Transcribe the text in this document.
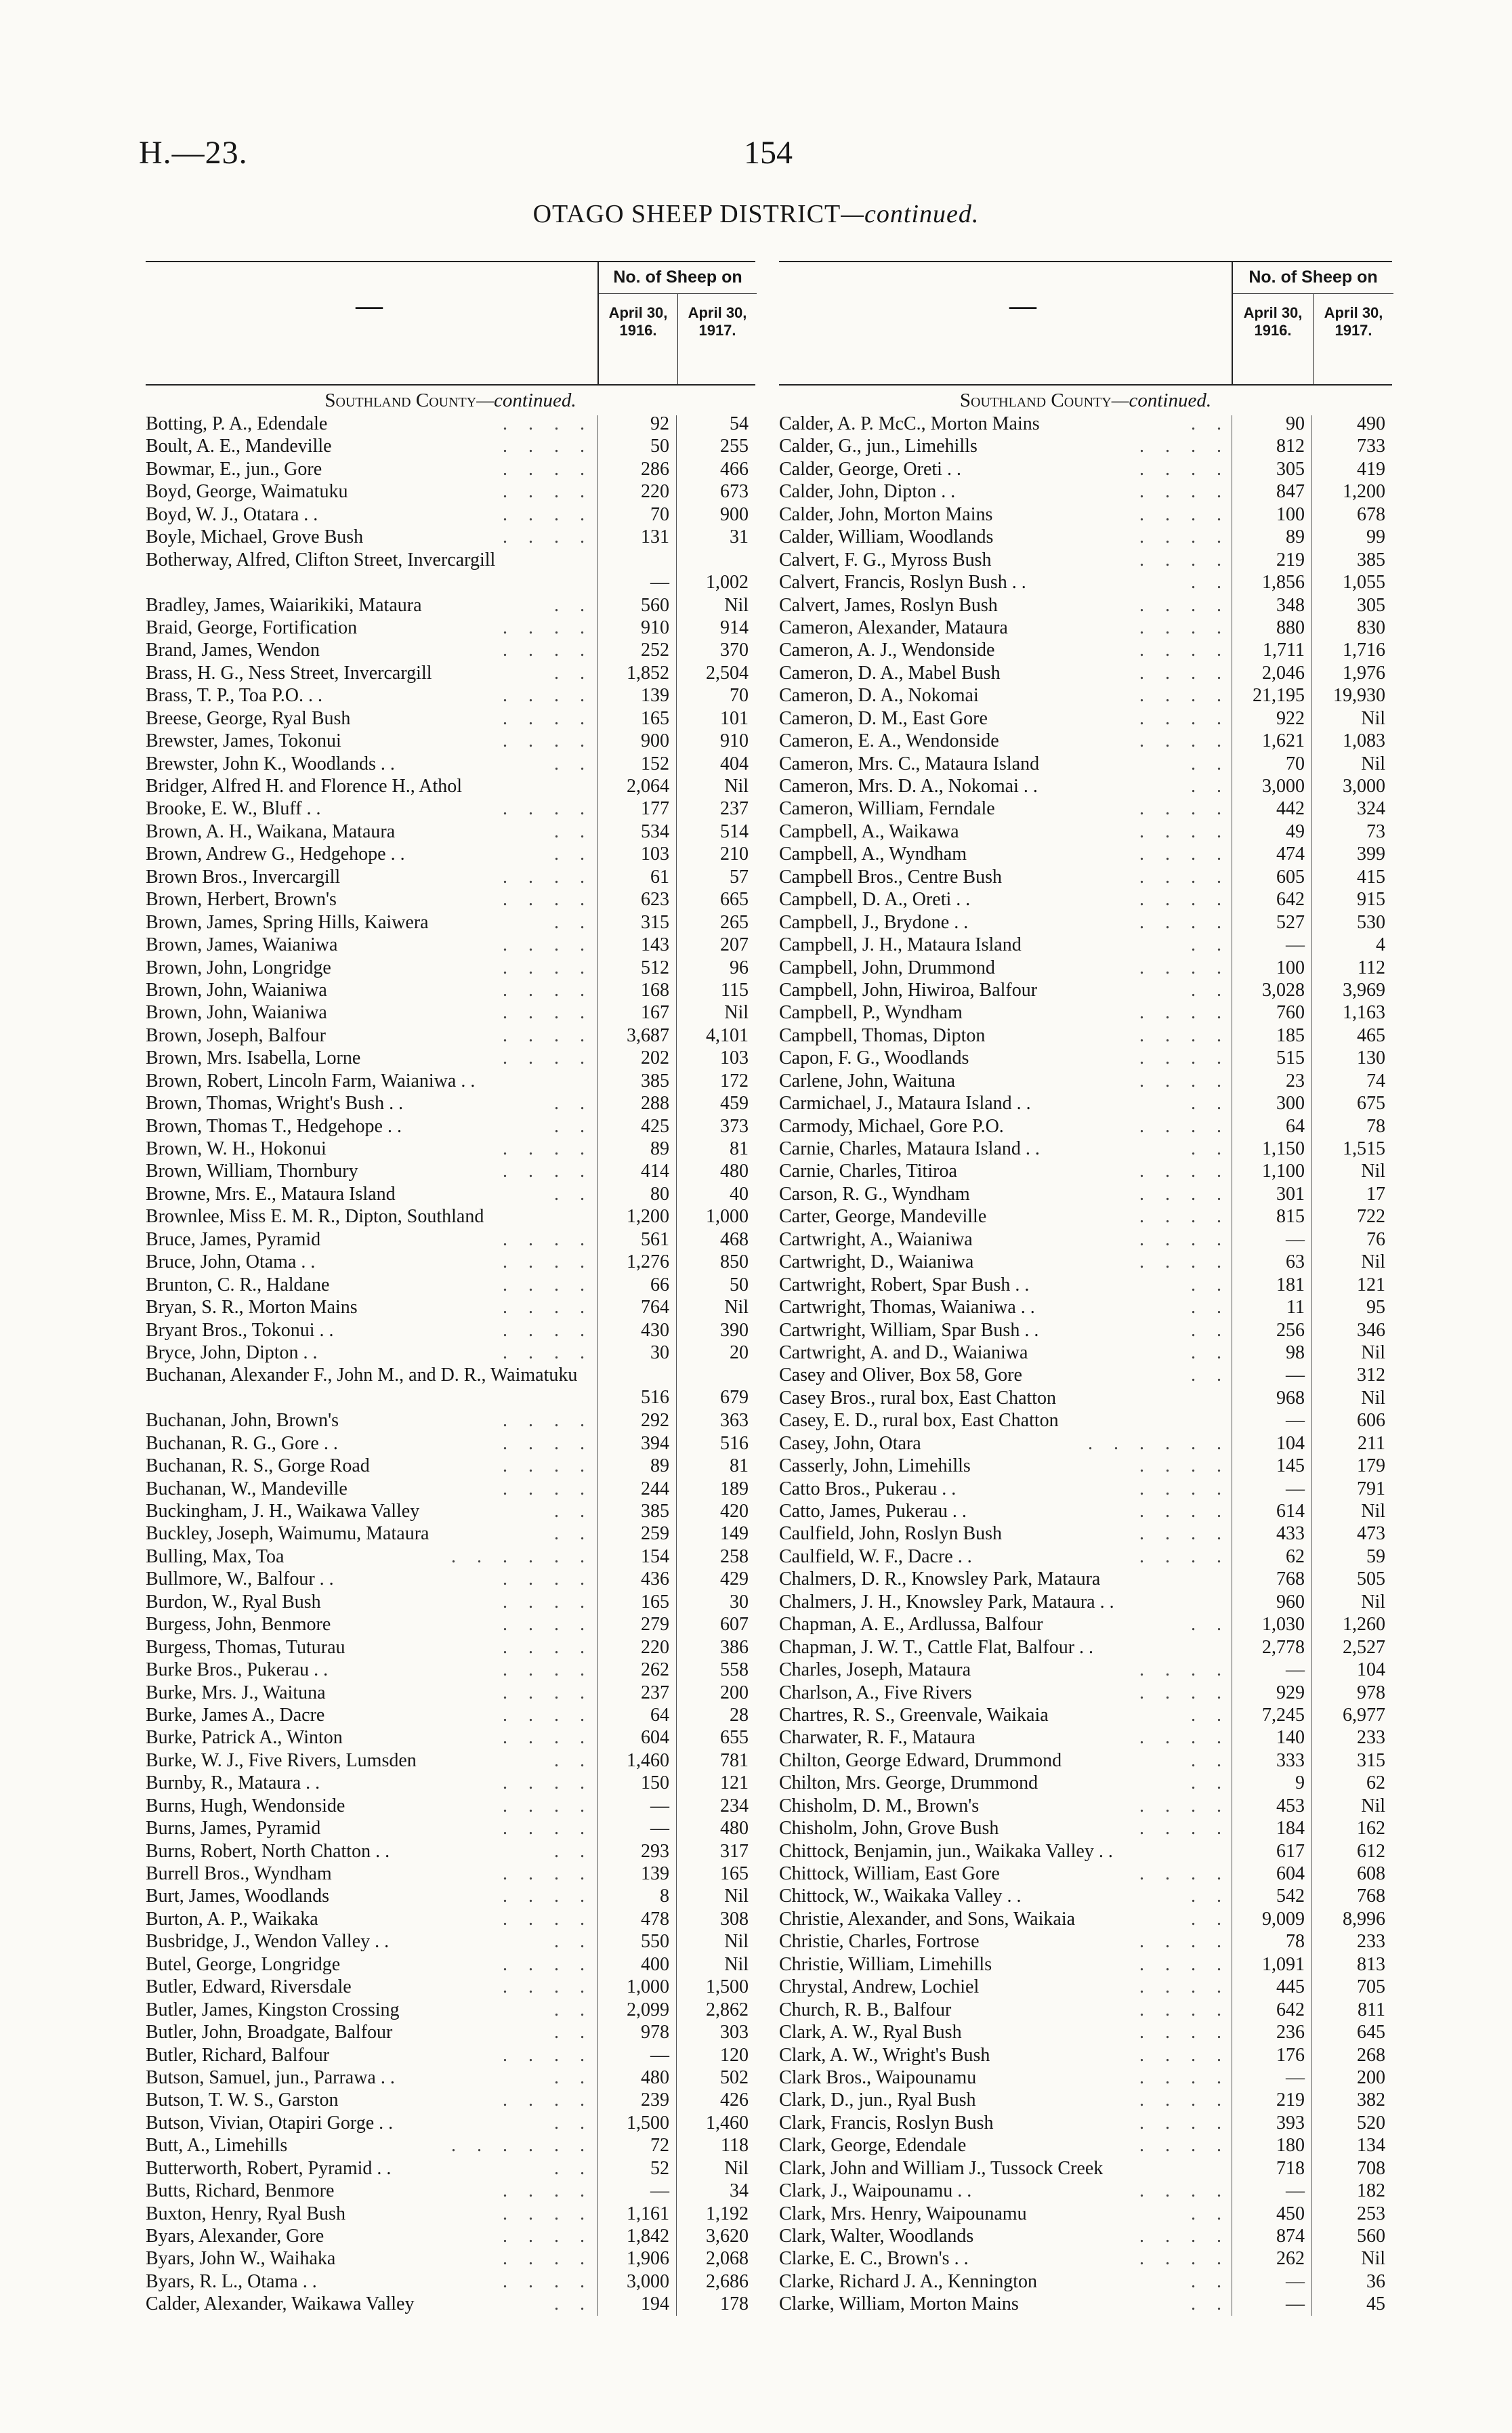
H.—23.	154
OTAGO SHEEP DISTRICT—continued.
—
No. of Sheep on
April 30,
1916.
April 30,
1917.
Southland County—continued.
Botting, P. A., Edendale	. . . .	92	54
Boult, A. E., Mandeville	. . . .	50	255
Bowmar, E., jun., Gore	. . . .	286	466
Boyd, George, Waimatuku	. . . .	220	673
Boyd, W. J., Otatara . .	. . . .	70	900
Boyle, Michael, Grove Bush	. . . .	131	31
Botherway, Alfred, Clifton Street, Invercargill
—	1,002
Bradley, James, Waiarikiki, Mataura	. .	560	Nil
Braid, George, Fortification	. . . .	910	914
Brand, James, Wendon	. . . .	252	370
Brass, H. G., Ness Street, Invercargill	. .	1,852	2,504
Brass, T. P., Toa P.O. . .	. . . .	139	70
Breese, George, Ryal Bush	. . . .	165	101
Brewster, James, Tokonui	. . . .	900	910
Brewster, John K., Woodlands . .	. .	152	404
Bridger, Alfred H. and Florence H., Athol	2,064	Nil
Brooke, E. W., Bluff . .	. . . .	177	237
Brown, A. H., Waikana, Mataura	. .	534	514
Brown, Andrew G., Hedgehope . .	. .	103	210
Brown Bros., Invercargill	. . . .	61	57
Brown, Herbert, Brown's	. . . .	623	665
Brown, James, Spring Hills, Kaiwera	. .	315	265
Brown, James, Waianiwa	. . . .	143	207
Brown, John, Longridge	. . . .	512	96
Brown, John, Waianiwa	. . . .	168	115
Brown, John, Waianiwa	. . . .	167	Nil
Brown, Joseph, Balfour	. . . .	3,687	4,101
Brown, Mrs. Isabella, Lorne	. . . .	202	103
Brown, Robert, Lincoln Farm, Waianiwa . .	385	172
Brown, Thomas, Wright's Bush . .	. .	288	459
Brown, Thomas T., Hedgehope . .	. .	425	373
Brown, W. H., Hokonui	. . . .	89	81
Brown, William, Thornbury	. . . .	414	480
Browne, Mrs. E., Mataura Island	. .	80	40
Brownlee, Miss E. M. R., Dipton, Southland	1,200	1,000
Bruce, James, Pyramid	. . . .	561	468
Bruce, John, Otama . .	. . . .	1,276	850
Brunton, C. R., Haldane	. . . .	66	50
Bryan, S. R., Morton Mains	. . . .	764	Nil
Bryant Bros., Tokonui . .	. . . .	430	390
Bryce, John, Dipton . .	. . . .	30	20
Buchanan, Alexander F., John M., and D. R., Waimatuku
516	679
Buchanan, John, Brown's	. . . .	292	363
Buchanan, R. G., Gore . .	. . . .	394	516
Buchanan, R. S., Gorge Road	. . . .	89	81
Buchanan, W., Mandeville	. . . .	244	189
Buckingham, J. H., Waikawa Valley	. .	385	420
Buckley, Joseph, Waimumu, Mataura	. .	259	149
Bulling, Max, Toa	. . . . . .	154	258
Bullmore, W., Balfour . .	. . . .	436	429
Burdon, W., Ryal Bush	. . . .	165	30
Burgess, John, Benmore	. . . .	279	607
Burgess, Thomas, Tuturau	. . . .	220	386
Burke Bros., Pukerau . .	. . . .	262	558
Burke, Mrs. J., Waituna	. . . .	237	200
Burke, James A., Dacre	. . . .	64	28
Burke, Patrick A., Winton	. . . .	604	655
Burke, W. J., Five Rivers, Lumsden	. .	1,460	781
Burnby, R., Mataura . .	. . . .	150	121
Burns, Hugh, Wendonside	. . . .	—	234
Burns, James, Pyramid	. . . .	—	480
Burns, Robert, North Chatton . .	. .	293	317
Burrell Bros., Wyndham	. . . .	139	165
Burt, James, Woodlands	. . . .	8	Nil
Burton, A. P., Waikaka	. . . .	478	308
Busbridge, J., Wendon Valley . .	. .	550	Nil
Butel, George, Longridge	. . . .	400	Nil
Butler, Edward, Riversdale	. . . .	1,000	1,500
Butler, James, Kingston Crossing	. .	2,099	2,862
Butler, John, Broadgate, Balfour	. .	978	303
Butler, Richard, Balfour	. . . .	—	120
Butson, Samuel, jun., Parrawa . .	. .	480	502
Butson, T. W. S., Garston	. . . .	239	426
Butson, Vivian, Otapiri Gorge . .	. .	1,500	1,460
Butt, A., Limehills	. . . . . .	72	118
Butterworth, Robert, Pyramid . .	. .	52	Nil
Butts, Richard, Benmore	. . . .	—	34
Buxton, Henry, Ryal Bush	. . . .	1,161	1,192
Byars, Alexander, Gore	. . . .	1,842	3,620
Byars, John W., Waihaka	. . . .	1,906	2,068
Byars, R. L., Otama . .	. . . .	3,000	2,686
Calder, Alexander, Waikawa Valley	. .	194	178
—
No. of Sheep on
April 30,
1916.
April 30,
1917.
Southland County—continued.
Calder, A. P. McC., Morton Mains	. .	90	490
Calder, G., jun., Limehills	. . . .	812	733
Calder, George, Oreti . .	. . . .	305	419
Calder, John, Dipton . .	. . . .	847	1,200
Calder, John, Morton Mains	. . . .	100	678
Calder, William, Woodlands	. . . .	89	99
Calvert, F. G., Myross Bush	. . . .	219	385
Calvert, Francis, Roslyn Bush . .	. .	1,856	1,055
Calvert, James, Roslyn Bush	. . . .	348	305
Cameron, Alexander, Mataura	. . . .	880	830
Cameron, A. J., Wendonside	. . . .	1,711	1,716
Cameron, D. A., Mabel Bush	. . . .	2,046	1,976
Cameron, D. A., Nokomai	. . . .	21,195	19,930
Cameron, D. M., East Gore	. . . .	922	Nil
Cameron, E. A., Wendonside	. . . .	1,621	1,083
Cameron, Mrs. C., Mataura Island	. .	70	Nil
Cameron, Mrs. D. A., Nokomai . .	. .	3,000	3,000
Cameron, William, Ferndale	. . . .	442	324
Campbell, A., Waikawa	. . . .	49	73
Campbell, A., Wyndham	. . . .	474	399
Campbell Bros., Centre Bush	. . . .	605	415
Campbell, D. A., Oreti . .	. . . .	642	915
Campbell, J., Brydone . .	. . . .	527	530
Campbell, J. H., Mataura Island	. .	—	4
Campbell, John, Drummond	. . . .	100	112
Campbell, John, Hiwiroa, Balfour	. .	3,028	3,969
Campbell, P., Wyndham	. . . .	760	1,163
Campbell, Thomas, Dipton	. . . .	185	465
Capon, F. G., Woodlands	. . . .	515	130
Carlene, John, Waituna	. . . .	23	74
Carmichael, J., Mataura Island . .	. .	300	675
Carmody, Michael, Gore P.O.	. . . .	64	78
Carnie, Charles, Mataura Island . .	. .	1,150	1,515
Carnie, Charles, Titiroa	. . . .	1,100	Nil
Carson, R. G., Wyndham	. . . .	301	17
Carter, George, Mandeville	. . . .	815	722
Cartwright, A., Waianiwa	. . . .	—	76
Cartwright, D., Waianiwa	. . . .	63	Nil
Cartwright, Robert, Spar Bush . .	. .	181	121
Cartwright, Thomas, Waianiwa . .	. .	11	95
Cartwright, William, Spar Bush . .	. .	256	346
Cartwright, A. and D., Waianiwa	. .	98	Nil
Casey and Oliver, Box 58, Gore	. .	—	312
Casey Bros., rural box, East Chatton	968	Nil
Casey, E. D., rural box, East Chatton	—	606
Casey, John, Otara	. . . . . .	104	211
Casserly, John, Limehills	. . . .	145	179
Catto Bros., Pukerau . .	. . . .	—	791
Catto, James, Pukerau . .	. . . .	614	Nil
Caulfield, John, Roslyn Bush	. . . .	433	473
Caulfield, W. F., Dacre . .	. . . .	62	59
Chalmers, D. R., Knowsley Park, Mataura	768	505
Chalmers, J. H., Knowsley Park, Mataura . .	960	Nil
Chapman, A. E., Ardlussa, Balfour	. .	1,030	1,260
Chapman, J. W. T., Cattle Flat, Balfour . .	2,778	2,527
Charles, Joseph, Mataura	. . . .	—	104
Charlson, A., Five Rivers	. . . .	929	978
Chartres, R. S., Greenvale, Waikaia	. .	7,245	6,977
Charwater, R. F., Mataura	. . . .	140	233
Chilton, George Edward, Drummond	. .	333	315
Chilton, Mrs. George, Drummond	. .	9	62
Chisholm, D. M., Brown's	. . . .	453	Nil
Chisholm, John, Grove Bush	. . . .	184	162
Chittock, Benjamin, jun., Waikaka Valley . .	617	612
Chittock, William, East Gore	. . . .	604	608
Chittock, W., Waikaka Valley . .	. .	542	768
Christie, Alexander, and Sons, Waikaia	. .	9,009	8,996
Christie, Charles, Fortrose	. . . .	78	233
Christie, William, Limehills	. . . .	1,091	813
Chrystal, Andrew, Lochiel	. . . .	445	705
Church, R. B., Balfour	. . . .	642	811
Clark, A. W., Ryal Bush	. . . .	236	645
Clark, A. W., Wright's Bush	. . . .	176	268
Clark Bros., Waipounamu	. . . .	—	200
Clark, D., jun., Ryal Bush	. . . .	219	382
Clark, Francis, Roslyn Bush	. . . .	393	520
Clark, George, Edendale	. . . .	180	134
Clark, John and William J., Tussock Creek	718	708
Clark, J., Waipounamu . .	. . . .	—	182
Clark, Mrs. Henry, Waipounamu	. .	450	253
Clark, Walter, Woodlands	. . . .	874	560
Clarke, E. C., Brown's . .	. . . .	262	Nil
Clarke, Richard J. A., Kennington	. .	—	36
Clarke, William, Morton Mains	. .	—	45
